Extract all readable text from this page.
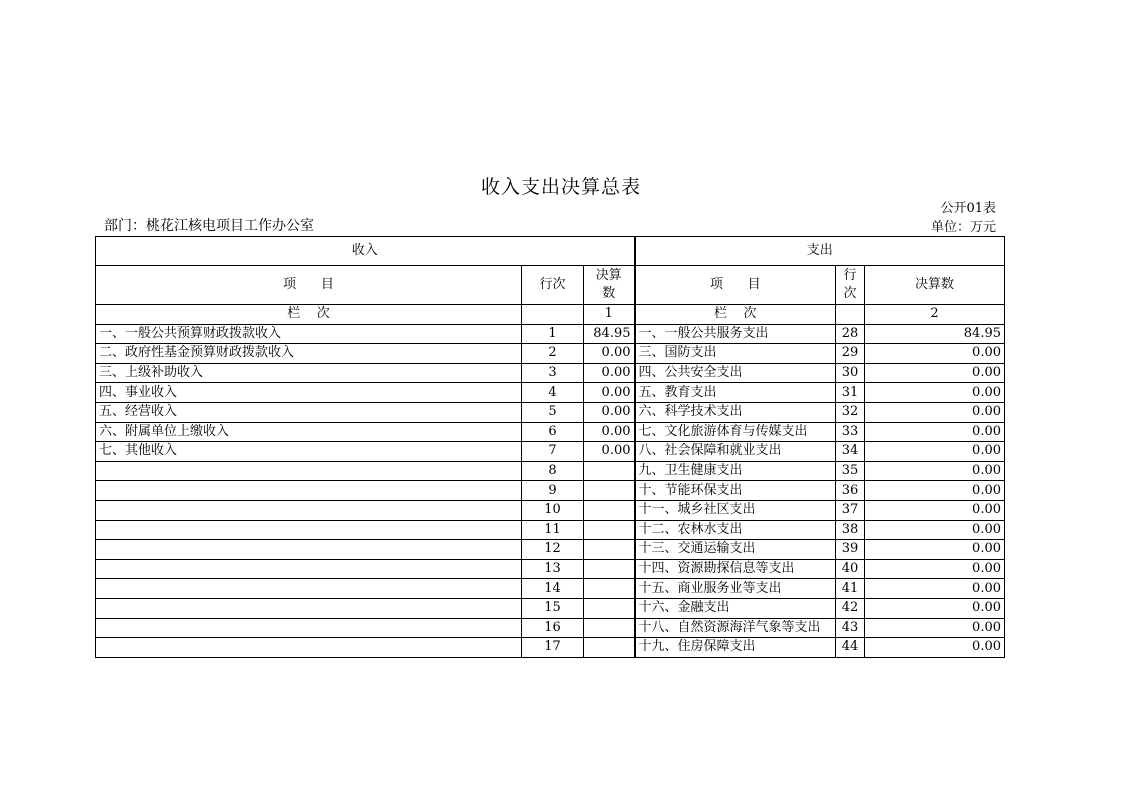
收入支出决算总表
公开01表
部门：桃花江核电项目工作办公室	单位：万元
收入			支出		
项      目	行次	决算数	项      目	行次	决算数
栏    次		1	栏    次		2
一、一般公共预算财政拨款收入	1	84.95	一、一般公共服务支出	28	84.95
二、政府性基金预算财政拨款收入	2	0.00	三、国防支出	29	0.00
三、上级补助收入	3	0.00	四、公共安全支出	30	0.00
四、事业收入	4	0.00	五、教育支出	31	0.00
五、经营收入	5	0.00	六、科学技术支出	32	0.00
六、附属单位上缴收入	6	0.00	七、文化旅游体育与传媒支出	33	0.00
七、其他收入	7	0.00	八、社会保障和就业支出	34	0.00
	8		九、卫生健康支出	35	0.00
	9		十、节能环保支出	36	0.00
	10		十一、城乡社区支出	37	0.00
	11		十二、农林水支出	38	0.00
	12		十三、交通运输支出	39	0.00
	13		十四、资源勘探信息等支出	40	0.00
	14		十五、商业服务业等支出	41	0.00
	15		十六、金融支出	42	0.00
	16		十八、自然资源海洋气象等支出	43	0.00
	17		十九、住房保障支出	44	0.00
